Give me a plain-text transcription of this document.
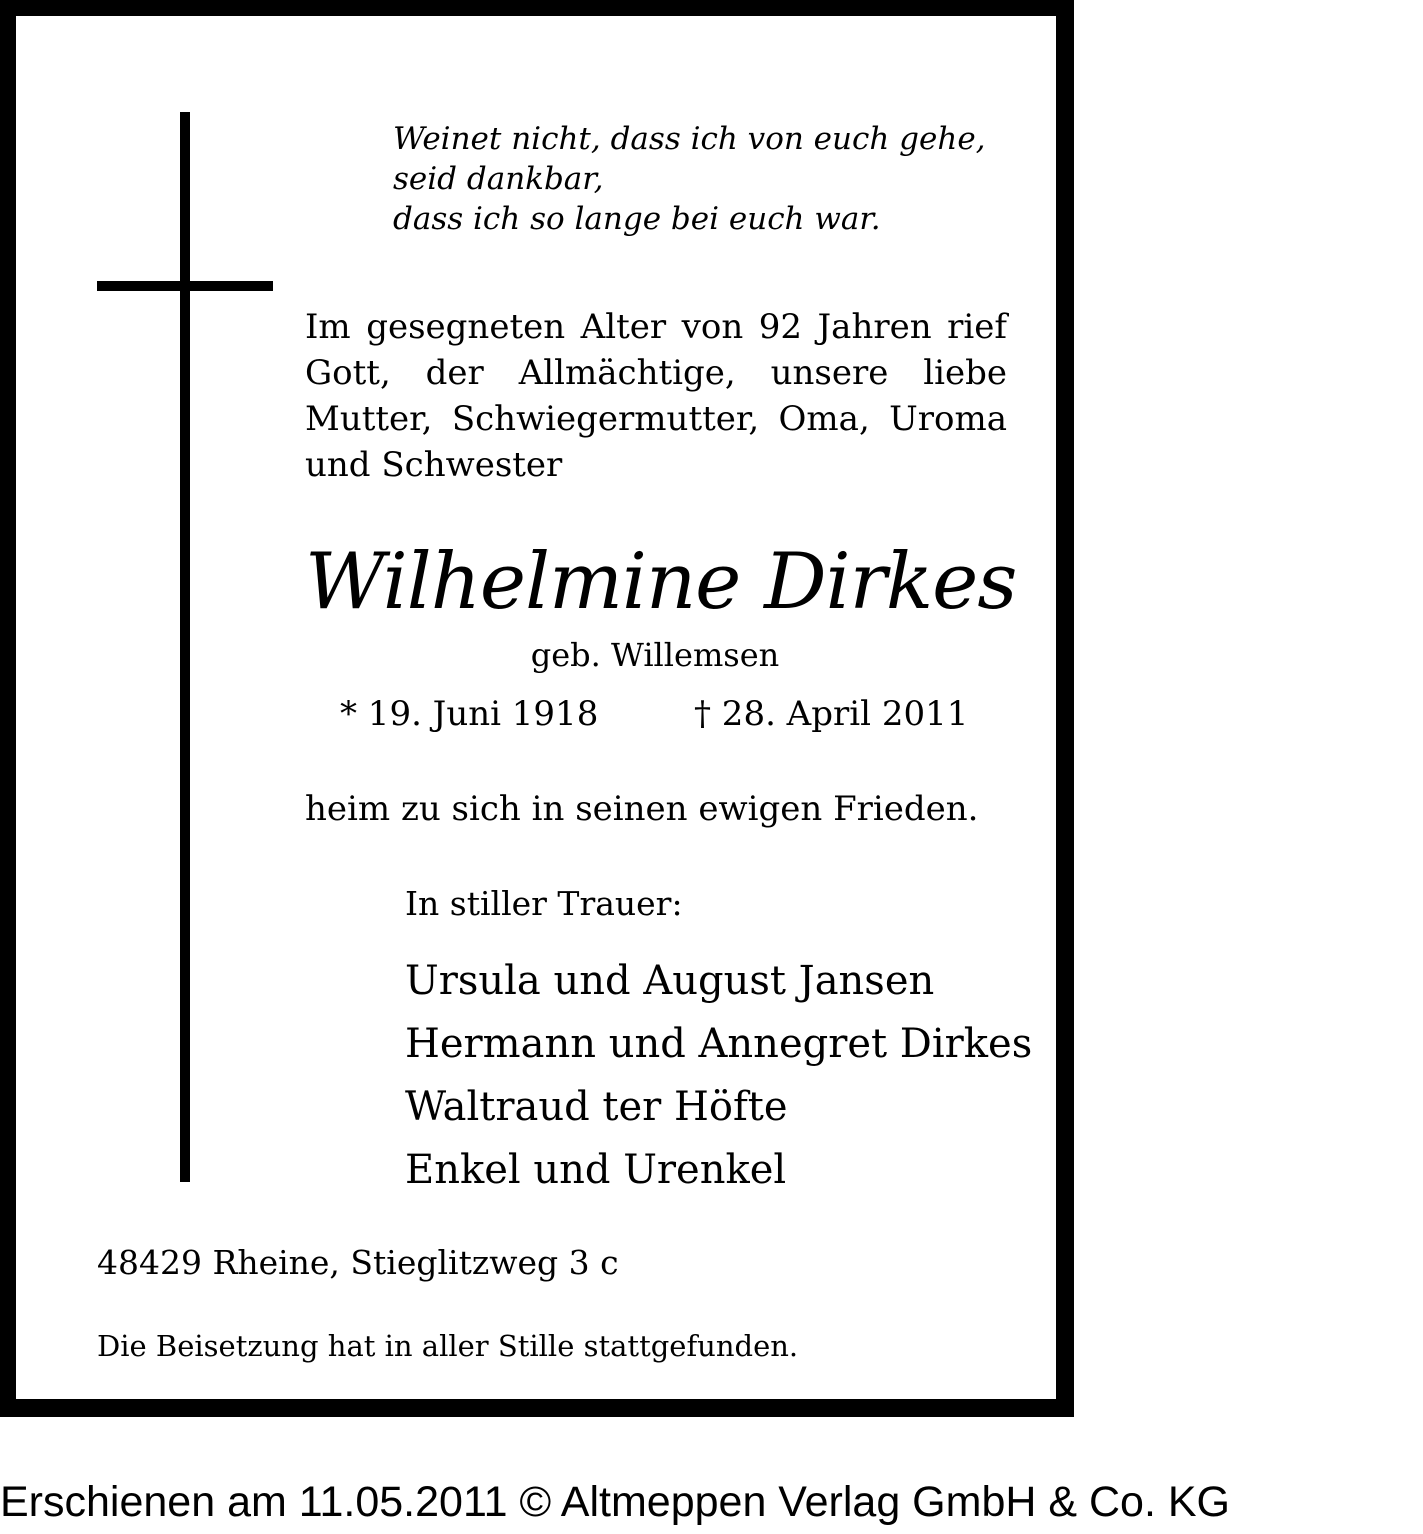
Weinet nicht, dass ich von euch gehe,
seid dankbar,
dass ich so lange bei euch war.
Im gesegneten Alter von 92 Jahren rief
Gott, der Allmächtige, unsere liebe
Mutter, Schwiegermutter, Oma, Uroma
und Schwester
Wilhelmine Dirkes
geb. Willemsen
* 19. Juni 1918	† 28. April 2011
heim zu sich in seinen ewigen Frieden.
In stiller Trauer:
Ursula und August Jansen
Hermann und Annegret Dirkes
Waltraud ter Höfte
Enkel und Urenkel
48429 Rheine, Stieglitzweg 3 c
Die Beisetzung hat in aller Stille stattgefunden.
Erschienen am 11.05.2011 © Altmeppen Verlag GmbH & Co. KG
